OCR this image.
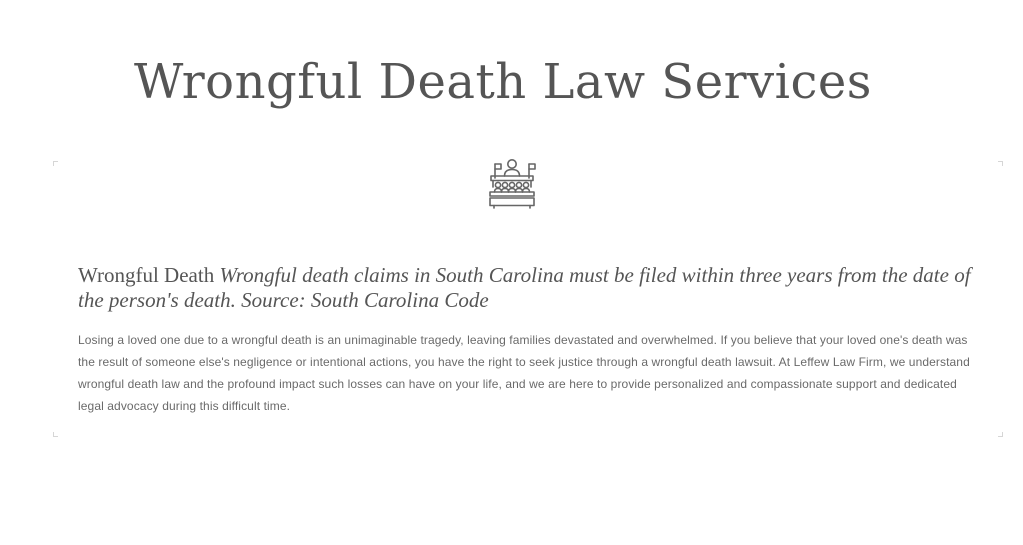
Wrongful Death Law Services
Wrongful Death Wrongful death claims in South Carolina must be filed within three years from the date of the person's death. Source: South Carolina Code

Losing a loved one due to a wrongful death is an unimaginable tragedy, leaving families devastated and overwhelmed. If you believe that your loved one's death was the result of someone else's negligence or intentional actions, you have the right to seek justice through a wrongful death lawsuit. At Leffew Law Firm, we understand wrongful death law and the profound impact such losses can have on your life, and we are here to provide personalized and compassionate support and dedicated legal advocacy during this difficult time.
